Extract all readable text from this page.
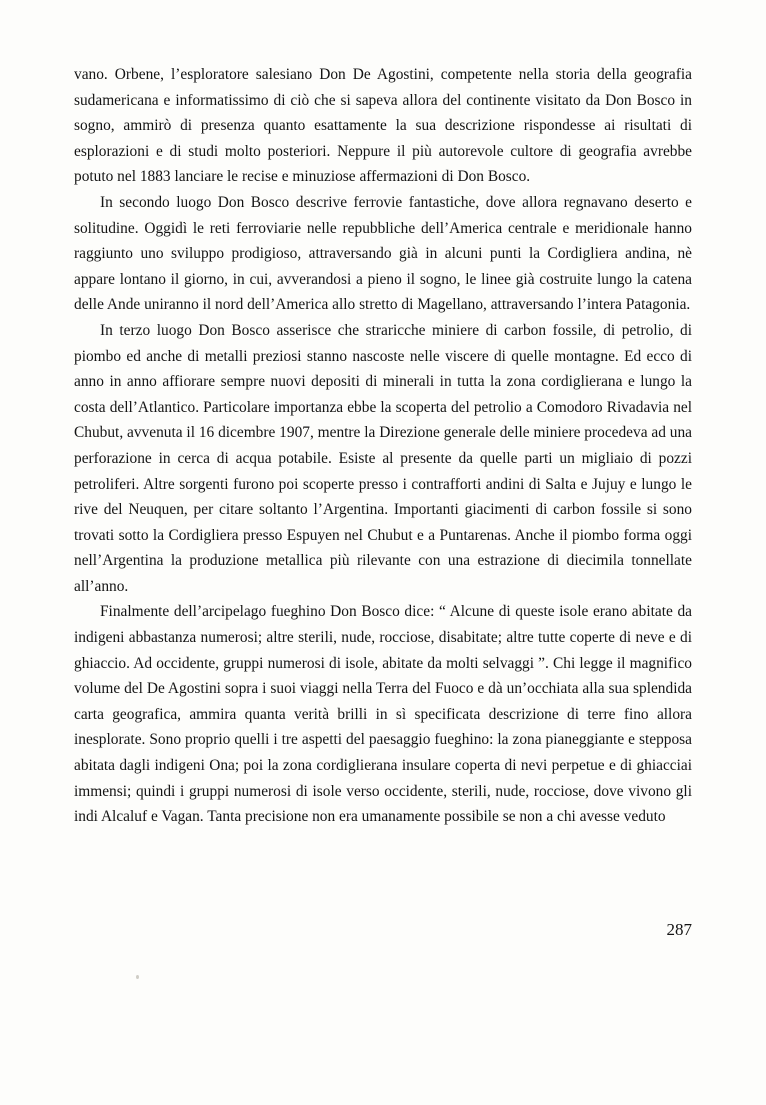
vano. Orbene, l’esploratore salesiano Don De Agostini, competente nella storia della geografia sudamericana e informatissimo di ciò che si sapeva allora del continente visitato da Don Bosco in sogno, ammirò di presenza quanto esattamente la sua descrizione rispondesse ai risultati di esplorazioni e di studi molto posteriori. Neppure il più autorevole cultore di geografia avrebbe potuto nel 1883 lanciare le recise e minuziose affermazioni di Don Bosco.

In secondo luogo Don Bosco descrive ferrovie fantastiche, dove allora regnavano deserto e solitudine. Oggidì le reti ferroviarie nelle repubbliche dell’America centrale e meridionale hanno raggiunto uno sviluppo prodigioso, attraversando già in alcuni punti la Cordigliera andina, nè appare lontano il giorno, in cui, avverandosi a pieno il sogno, le linee già costruite lungo la catena delle Ande uniranno il nord dell’America allo stretto di Magellano, attraversando l’intera Patagonia.

In terzo luogo Don Bosco asserisce che straricche miniere di carbon fossile, di petrolio, di piombo ed anche di metalli preziosi stanno nascoste nelle viscere di quelle montagne. Ed ecco di anno in anno affiorare sempre nuovi depositi di minerali in tutta la zona cordiglierana e lungo la costa dell’Atlantico. Particolare importanza ebbe la scoperta del petrolio a Comodoro Rivadavia nel Chubut, avvenuta il 16 dicembre 1907, mentre la Direzione generale delle miniere procedeva ad una perforazione in cerca di acqua potabile. Esiste al presente da quelle parti un migliaio di pozzi petroliferi. Altre sorgenti furono poi scoperte presso i contrafforti andini di Salta e Jujuy e lungo le rive del Neuquen, per citare soltanto l’Argentina. Importanti giacimenti di carbon fossile si sono trovati sotto la Cordigliera presso Espuyen nel Chubut e a Puntarenas. Anche il piombo forma oggi nell’Argentina la produzione metallica più rilevante con una estrazione di diecimila tonnellate all’anno.

Finalmente dell’arcipelago fueghino Don Bosco dice: “ Alcune di queste isole erano abitate da indigeni abbastanza numerosi; altre sterili, nude, rocciose, disabitate; altre tutte coperte di neve e di ghiaccio. Ad occidente, gruppi numerosi di isole, abitate da molti selvaggi ”. Chi legge il magnifico volume del De Agostini sopra i suoi viaggi nella Terra del Fuoco e dà un’occhiata alla sua splendida carta geografica, ammira quanta verità brilli in sì specificata descrizione di terre fino allora inesplorate. Sono proprio quelli i tre aspetti del paesaggio fueghino: la zona pianeggiante e stepposa abitata dagli indigeni Ona; poi la zona cordiglierana insulare coperta di nevi perpetue e di ghiacciai immensi; quindi i gruppi numerosi di isole verso occidente, sterili, nude, rocciose, dove vivono gli indi Alcaluf e Vagan. Tanta precisione non era umanamente possibile se non a chi avesse veduto

287
